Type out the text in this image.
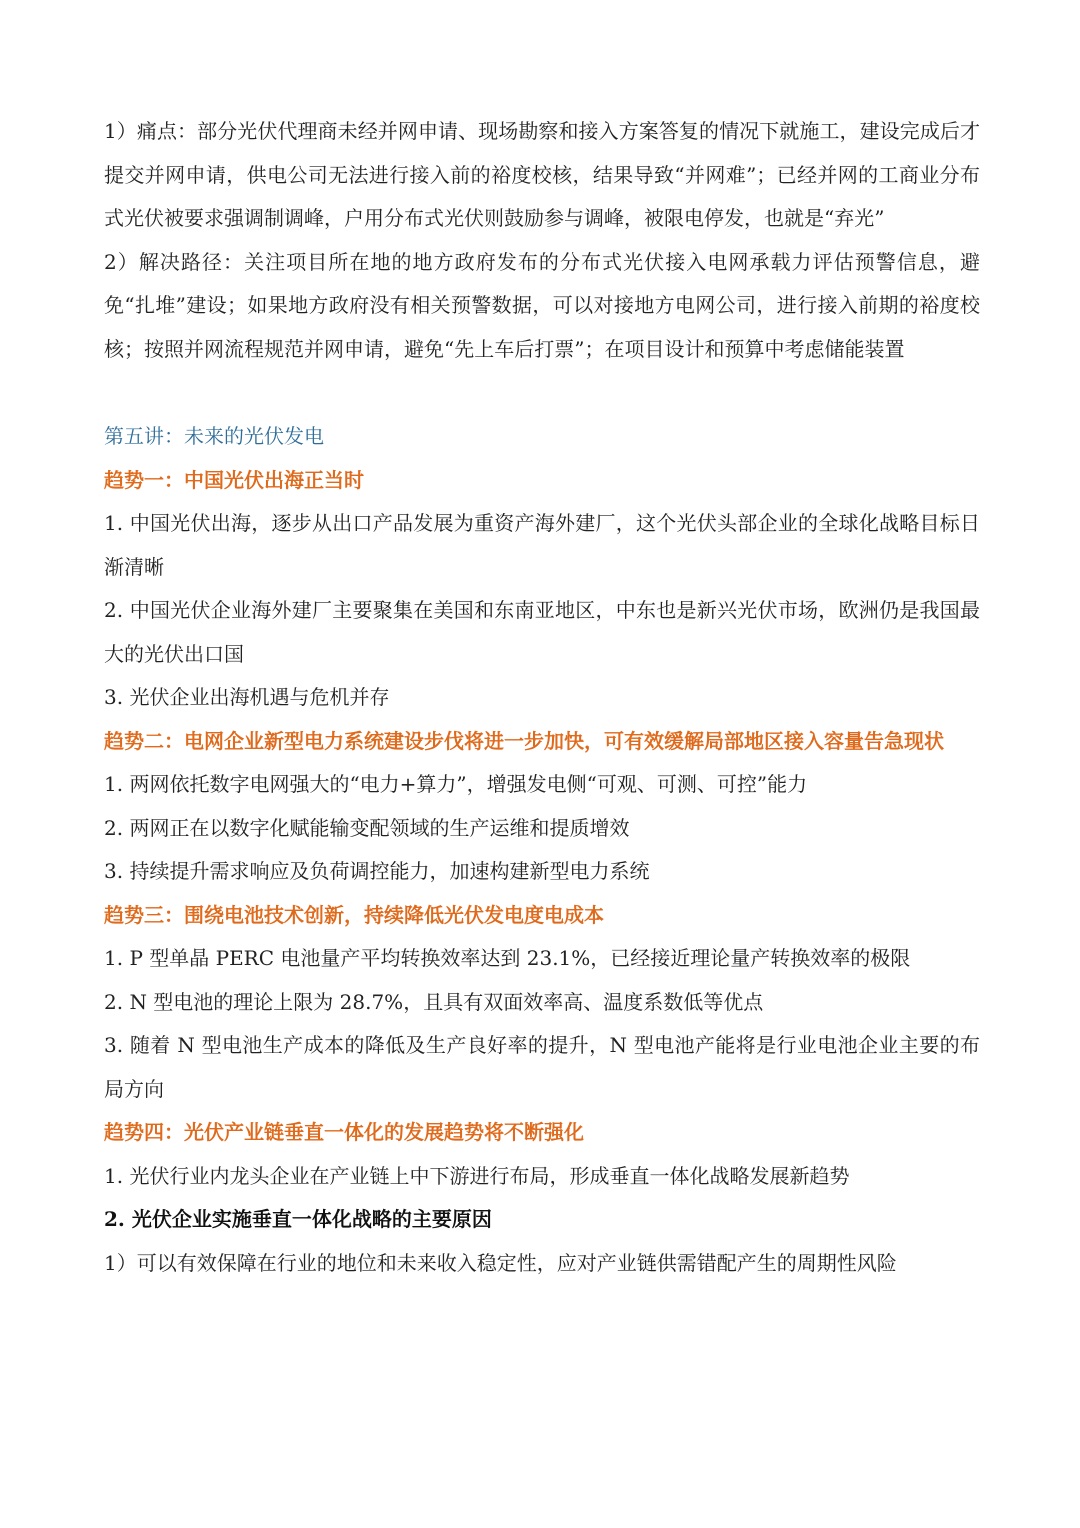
1）痛点：部分光伏代理商未经并网申请、现场勘察和接入方案答复的情况下就施工，建设完成后才提交并网申请，供电公司无法进行接入前的裕度校核，结果导致“并网难”；已经并网的工商业分布式光伏被要求强调制调峰，户用分布式光伏则鼓励参与调峰，被限电停发，也就是“弃光”

2）解决路径：关注项目所在地的地方政府发布的分布式光伏接入电网承载力评估预警信息，避免“扎堆”建设；如果地方政府没有相关预警数据，可以对接地方电网公司，进行接入前期的裕度校核；按照并网流程规范并网申请，避免“先上车后打票”；在项目设计和预算中考虑储能装置

第五讲：未来的光伏发电

趋势一：中国光伏出海正当时

1. 中国光伏出海，逐步从出口产品发展为重资产海外建厂，这个光伏头部企业的全球化战略目标日渐清晰

2. 中国光伏企业海外建厂主要聚集在美国和东南亚地区，中东也是新兴光伏市场，欧洲仍是我国最大的光伏出口国

3. 光伏企业出海机遇与危机并存

趋势二：电网企业新型电力系统建设步伐将进一步加快，可有效缓解局部地区接入容量告急现状

1. 两网依托数字电网强大的“电力+算力”，增强发电侧“可观、可测、可控”能力

2. 两网正在以数字化赋能输变配领域的生产运维和提质增效

3. 持续提升需求响应及负荷调控能力，加速构建新型电力系统

趋势三：围绕电池技术创新，持续降低光伏发电度电成本

1. P 型单晶 PERC 电池量产平均转换效率达到 23.1%，已经接近理论量产转换效率的极限

2. N 型电池的理论上限为 28.7%，且具有双面效率高、温度系数低等优点

3. 随着 N 型电池生产成本的降低及生产良好率的提升，N 型电池产能将是行业电池企业主要的布局方向

趋势四：光伏产业链垂直一体化的发展趋势将不断强化

1. 光伏行业内龙头企业在产业链上中下游进行布局，形成垂直一体化战略发展新趋势

2. 光伏企业实施垂直一体化战略的主要原因

1）可以有效保障在行业的地位和未来收入稳定性，应对产业链供需错配产生的周期性风险
